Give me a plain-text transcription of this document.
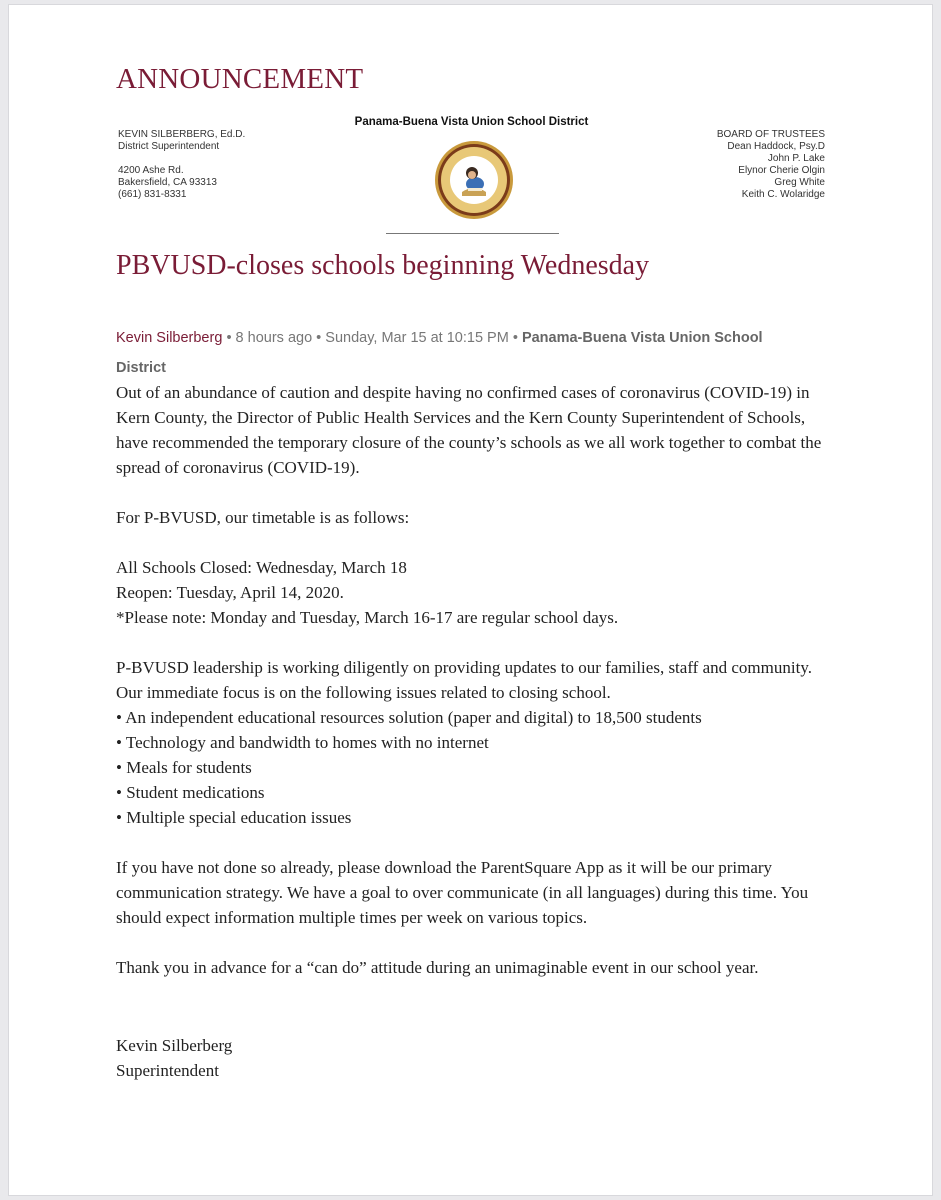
ANNOUNCEMENT

Panama-Buena Vista Union School District

KEVIN SILBERBERG, Ed.D.
District Superintendent
4200 Ashe Rd.
Bakersfield, CA 93313
(661) 831-8331
BOARD OF TRUSTEES
Dean Haddock, Psy.D
John P. Lake
Elynor Cherie Olgin
Greg White
Keith C. Wolaridge
PBVUSD-closes schools beginning Wednesday
Kevin Silberberg • 8 hours ago • Sunday, Mar 15 at 10:15 PM • Panama-Buena Vista Union School District

Out of an abundance of caution and despite having no confirmed cases of coronavirus (COVID-19) in Kern County, the Director of Public Health Services and the Kern County Superintendent of Schools, have recommended the temporary closure of the county’s schools as we all work together to combat the spread of coronavirus (COVID-19).

For P-BVUSD, our timetable is as follows:

All Schools Closed: Wednesday, March 18
Reopen: Tuesday, April 14, 2020.
*Please note: Monday and Tuesday, March 16-17 are regular school days.

P-BVUSD leadership is working diligently on providing updates to our families, staff and community. Our immediate focus is on the following issues related to closing school.
• An independent educational resources solution (paper and digital) to 18,500 students
• Technology and bandwidth to homes with no internet
• Meals for students
• Student medications
• Multiple special education issues

If you have not done so already, please download the ParentSquare App as it will be our primary communication strategy. We have a goal to over communicate (in all languages) during this time. You should expect information multiple times per week on various topics.

Thank you in advance for a “can do” attitude during an unimaginable event in our school year.

Kevin Silberberg
Superintendent
